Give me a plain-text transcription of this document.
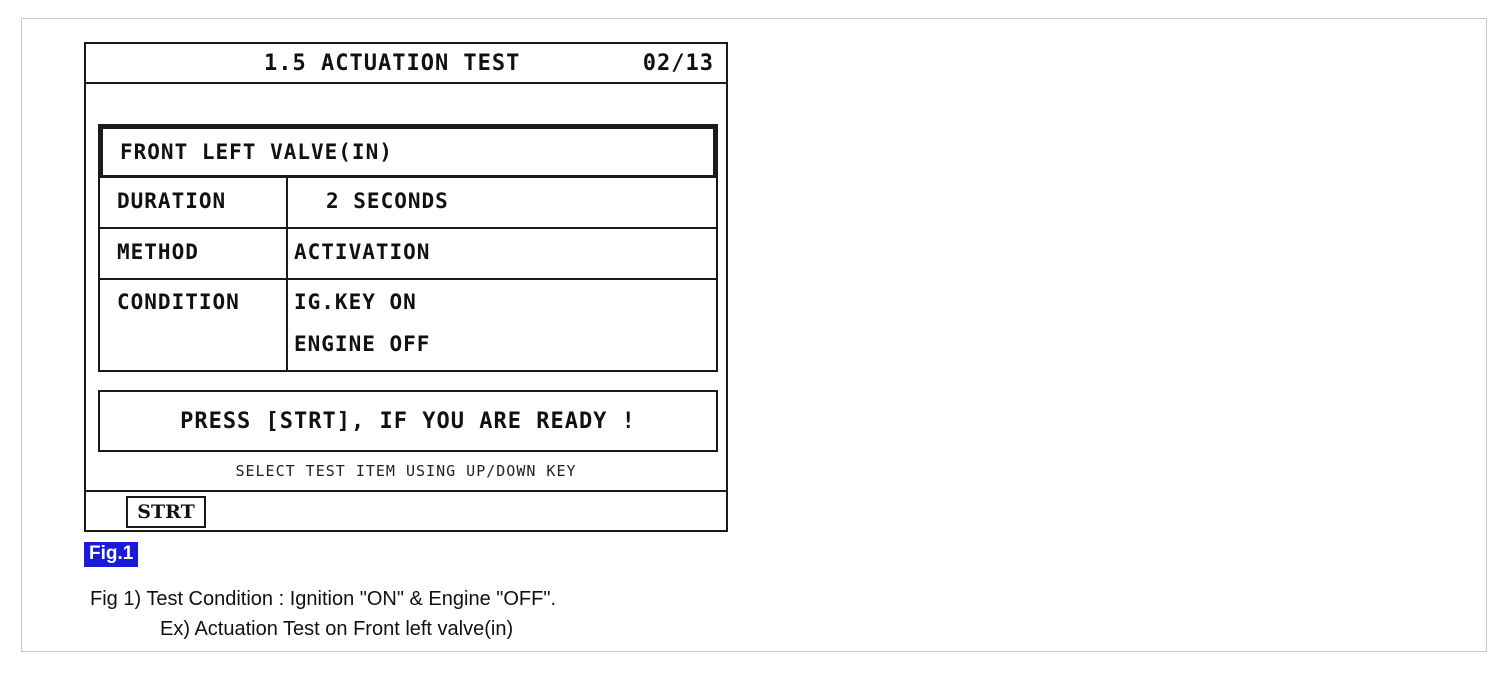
1.5 ACTUATION TEST	02/13
FRONT LEFT VALVE(IN)
DURATION	2 SECONDS
METHOD	ACTIVATION
CONDITION	IG.KEY ON
ENGINE OFF
PRESS [STRT], IF YOU ARE READY !
SELECT TEST ITEM USING UP/DOWN KEY
STRT
Fig.1
Fig 1) Test Condition : Ignition "ON" & Engine "OFF".
Ex) Actuation Test on Front left valve(in)
